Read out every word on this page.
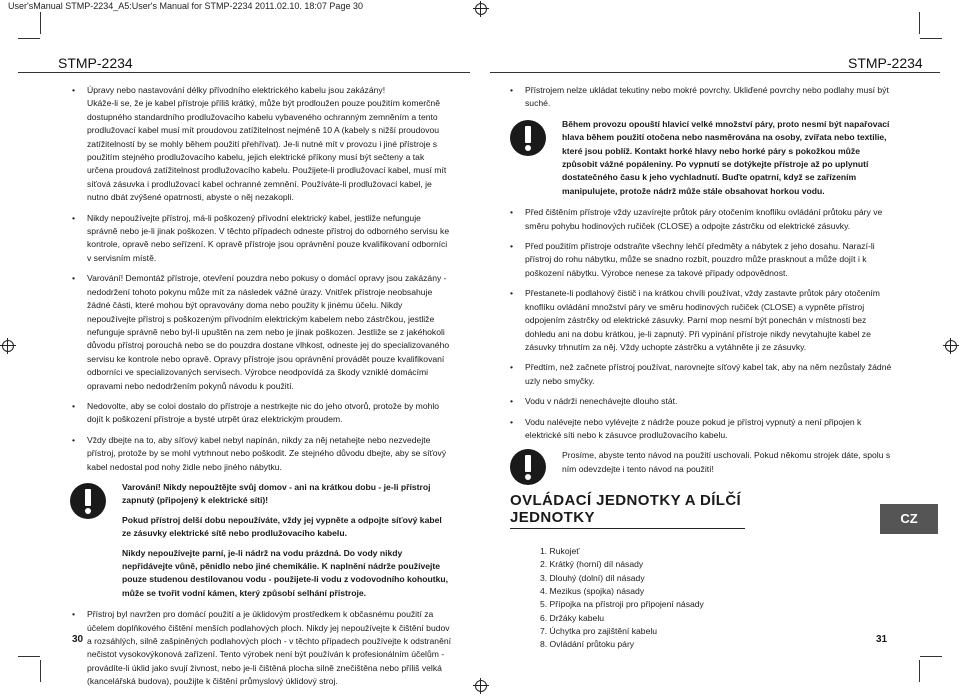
User'sManual STMP-2234_A5:User's Manual for STMP-2234 2011.02.10. 18:07 Page 30
STMP-2234	STMP-2234
• Úpravy nebo nastavování délky přívodního elektrického kabelu jsou zakázány!
Ukáže-li se, že je kabel přístroje příliš krátký, může být prodloužen pouze použitím komerčně dostupného standardního prodlužovacího kabelu vybaveného ochranným zemněním a tento prodlužovací kabel musí mít proudovou zatížitelnost nejméně 10 A (kabely s nižší proudovou zatížitelností by se mohly během použití přehřívat). Je-li nutné mít v provozu i jiné přístroje s použitím stejného prodlužovacího kabelu, jejich elektrické příkony musí být sečteny a tak určena proudová zatížitelnost prodlužovacího kabelu. Použijete-li prodlužovací kabel, musí mít síťová zásuvka i prodlužovací kabel ochranné zemnění. Používáte-li prodlužovací kabel, je nutno dbát zvýšené opatrnosti, abyste o něj nezakopli.
• Nikdy nepoužívejte přístroj, má-li poškozený přívodní elektrický kabel, jestliže nefunguje správně nebo je-li jinak poškozen. V těchto případech odneste přístroj do odborného servisu ke kontrole, opravě nebo seřízení. K opravě přístroje jsou oprávnění pouze kvalifikovaní odborníci v servisním místě.
• Varování! Demontáž přístroje, otevření pouzdra nebo pokusy o domácí opravy jsou zakázány - nedodržení tohoto pokynu může mít za následek vážné úrazy. Vnitřek přístroje neobsahuje žádné části, které mohou být opravovány doma nebo použity k jinému účelu. Nikdy nepoužívejte přístroj s poškozeným přívodním elektrickým kabelem nebo zástrčkou, jestliže nefunguje správně nebo byl-li upuštěn na zem nebo je jinak poškozen. Jestliže se z jakéhokoli důvodu přístroj porouchá nebo se do pouzdra dostane vlhkost, odneste jej do specializovaného servisu ke kontrole nebo opravě. Opravy přístroje jsou oprávnění provádět pouze kvalifikovaní odborníci ve specializovaných servisech. Výrobce neodpovídá za škody vzniklé domácími opravami nebo nedodržením pokynů návodu k použití.
• Nedovolte, aby se coloi dostalo do přístroje a nestrkejte nic do jeho otvorů, protože by mohlo dojít k poškození přístroje a bysté utrpět úraz elektrickým proudem.
• Vždy dbejte na to, aby síťový kabel nebyl napínán, nikdy za něj netahejte nebo nezvedejte přístroj, protože by se mohl vytrhnout nebo poškodit. Ze stejného důvodu dbejte, aby se síťový kabel nedostal pod nohy židle nebo jiného nábytku.

Varování! Nikdy nepoužtějte svůj domov - ani na krátkou dobu - je-li přístroj zapnutý (připojený k elektrické síti)!

Pokud přístroj delší dobu nepoužíváte, vždy jej vypněte a odpojte síťový kabel ze zásuvky elektrické sítě nebo prodlužovacího kabelu.

Nikdy nepoužívejte parní, je-li nádrž na vodu prázdná. Do vody nikdy nepřidávejte vůně, pěnidlo nebo jiné chemikálie. K naplnění nádrže používejte pouze studenou destilovanou vodu - použijete-li vodu z vodovodního kohoutku, může se tvořit vodní kámen, který způsobí selhání přístroje.

• Přístroj byl navržen pro domácí použití a je úklidovým prostředkem k občasnému použití za účelem doplňkového čištění menších podlahových ploch. Nikdy jej nepoužívejte k čištění budov a rozsáhlých, silně zašpiněných podlahových ploch - v těchto případech používejte k odstranění nečistot vysokovýkonová zařízení. Tento výrobek není být používán k profesionálním účelům - provádíte-li úklid jako svují živnost, nebo je-li čištěná plocha silně znečištěna nebo příliš velká (kancelářská budova), použijte k čištění průmyslový úklidový stroj.
• Přístrojem nelze ukládat tekutiny nebo mokré povrchy. Ukliďené povrchy nebo podlahy musí být suché.

Během provozu opouští hlavicí velké množství páry, proto nesmí být napařovací hlava během použití otočena nebo nasměrována na osoby, zvířata nebo textilie, které jsou poblíž. Kontakt horké hlavy nebo horké páry s pokožkou může způsobit vážné popáleniny. Po vypnutí se dotýkejte přístroje až po uplynutí dostatečného času k jeho vychladnutí. Buďte opatrní, když se zařízením manipulujete, protože nádrž může stále obsahovat horkou vodu.

• Před čištěním přístroje vždy uzavírejte průtok páry otočením knoflíku ovládání průtoku páry ve směru pohybu hodinových ručiček (CLOSE) a odpojte zástrčku od elektrické zásuvky.
• Před použitím přístroje odstraňte všechny lehčí předměty a nábytek z jeho dosahu. Narazí-li přístroj do rohu nábytku, může se snadno rozbít, pouzdro může prasknout a může dojít i k poškození nábytku. Výrobce nenese za takové případy odpovědnost.
• Přestanete-li podlahový čistič i na krátkou chvíli používat, vždy zastavte průtok páry otočením knoflíku ovládání množství páry ve směru hodinových ručiček (CLOSE) a vypněte přístroj odpojením zástrčky od elektrické zásuvky. Parní mop nesmí být ponechán v místnosti bez dohledu ani na dobu krátkou, je-li zapnutý. Při vypínání přístroje nikdy nevytahujte kabel ze zásuvky trhnutím za něj. Vždy uchopte zástrčku a vytáhněte ji ze zásuvky.
• Předtím, než začnete přístroj používat, narovnejte síťový kabel tak, aby na něm nezůstaly žádné uzly nebo smyčky.
• Vodu v nádrži nenechávejte dlouho stát.
• Vodu nalévejte nebo vylévejte z nádrže pouze pokud je přístroj vypnutý a není připojen k elektrické síti nebo k zásuvce prodlužovacího kabelu.
Prosíme, abyste tento návod na použití uschovali. Pokud někomu strojek dáte, spolu s ním odevzdejte i tento návod na použití!
OVLÁDACÍ JEDNOTKY A DÍLČÍ JEDNOTKY
1. Rukojeť
2. Krátký (horní) díl násady
3. Dlouhý (dolní) díl násady
4. Mezikus (spojka) násady
5. Přípojka na přístroji pro připojení násady
6. Držáky kabelu
7. Úchytka pro zajištění kabelu
8. Ovládání průtoku páry
CZ
30	31
